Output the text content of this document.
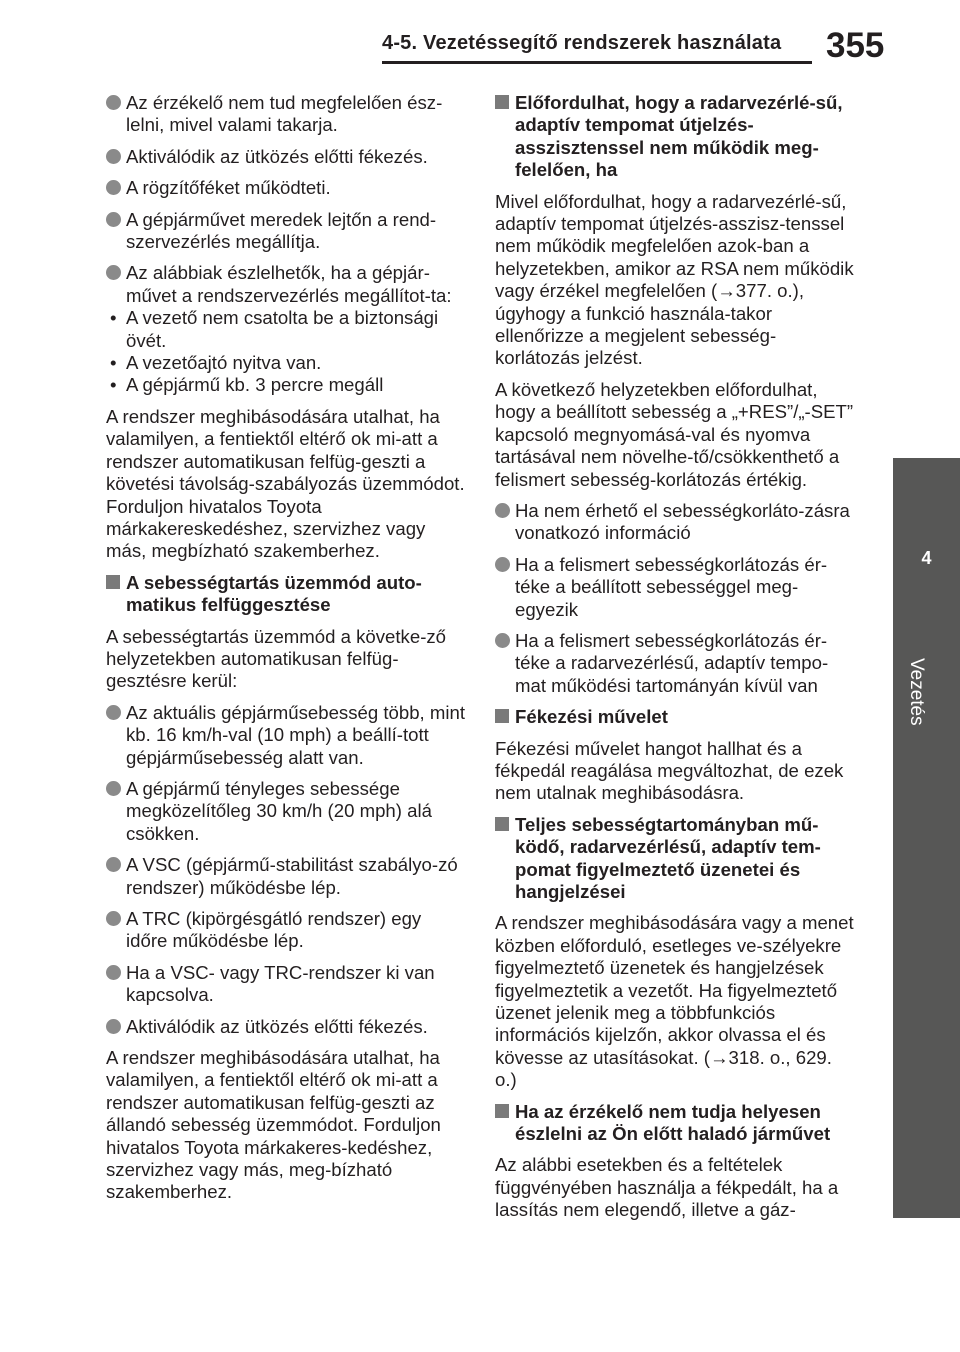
4-5. Vezetéssegítő rendszerek használata 355
4
Vezetés
Az érzékelő nem tud megfelelően ész-lelni, mivel valami takarja.
Aktiválódik az ütközés előtti fékezés.
A rögzítőféket működteti.
A gépjárművet meredek lejtőn a rend-szervezérlés megállítja.
Az alábbiak észlelhetők, ha a gépjár-művet a rendszervezérlés megállítot-ta:
• A vezető nem csatolta be a biztonsági övét.
• A vezetőajtó nyitva van.
• A gépjármű kb. 3 percre megáll
A rendszer meghibásodására utalhat, ha valamilyen, a fentiektől eltérő ok mi-att a rendszer automatikusan felfüg-geszti a követési távolság-szabályozás üzemmódot. Forduljon hivatalos Toyota márkakereskedéshez, szervizhez vagy más, megbízható szakemberhez.
A sebességtartás üzemmód auto-matikus felfüggesztése
A sebességtartás üzemmód a követke-ző helyzetekben automatikusan felfüg-gesztésre kerül:
Az aktuális gépjárműsebesség több, mint kb. 16 km/h-val (10 mph) a beállí-tott gépjárműsebesség alatt van.
A gépjármű tényleges sebessége megközelítőleg 30 km/h (20 mph) alá csökken.
A VSC (gépjármű-stabilitást szabályo-zó rendszer) működésbe lép.
A TRC (kipörgésgátló rendszer) egy időre működésbe lép.
Ha a VSC- vagy TRC-rendszer ki van kapcsolva.
Aktiválódik az ütközés előtti fékezés.
A rendszer meghibásodására utalhat, ha valamilyen, a fentiektől eltérő ok mi-att a rendszer automatikusan felfüg-geszti az állandó sebesség üzemmódot. Forduljon hivatalos Toyota márkakeres-kedéshez, szervizhez vagy más, meg-bízható szakemberhez.
Előfordulhat, hogy a radarvezérlé-sű, adaptív tempomat útjelzés-asszisztenssel nem működik meg-felelően, ha
Mivel előfordulhat, hogy a radarvezérlé-sű, adaptív tempomat útjelzés-asszisz-tenssel nem működik megfelelően azok-ban a helyzetekben, amikor az RSA nem működik vagy érzékel megfelelően (→377. o.), úgyhogy a funkció használa-takor ellenőrizze a megjelent sebesség-korlátozás jelzést.
A következő helyzetekben előfordulhat, hogy a beállított sebesség a „+RES”/„-SET” kapcsoló megnyomásá-val és nyomva tartásával nem növelhe-tő/csökkenthető a felismert sebesség-korlátozás értékig.
Ha nem érhető el sebességkorláto-zásra vonatkozó információ
Ha a felismert sebességkorlátozás ér-téke a beállított sebességgel meg-egyezik
Ha a felismert sebességkorlátozás ér-téke a radarvezérlésű, adaptív tempo-mat működési tartományán kívül van
Fékezési művelet
Fékezési művelet hangot hallhat és a fékpedál reagálása megváltozhat, de ezek nem utalnak meghibásodásra.
Teljes sebességtartományban mű-ködő, radarvezérlésű, adaptív tem-pomat figyelmeztető üzenetei és hangjelzései
A rendszer meghibásodására vagy a menet közben előforduló, esetleges ve-szélyekre figyelmeztető üzenetek és hangjelzések figyelmeztetik a vezetőt. Ha figyelmeztető üzenet jelenik meg a többfunkciós információs kijelzőn, akkor olvassa el és kövesse az utasításokat. (→318. o., 629. o.)
Ha az érzékelő nem tudja helyesen észlelni az Ön előtt haladó járművet
Az alábbi esetekben és a feltételek függvényében használja a fékpedált, ha a lassítás nem elegendő, illetve a gáz-
